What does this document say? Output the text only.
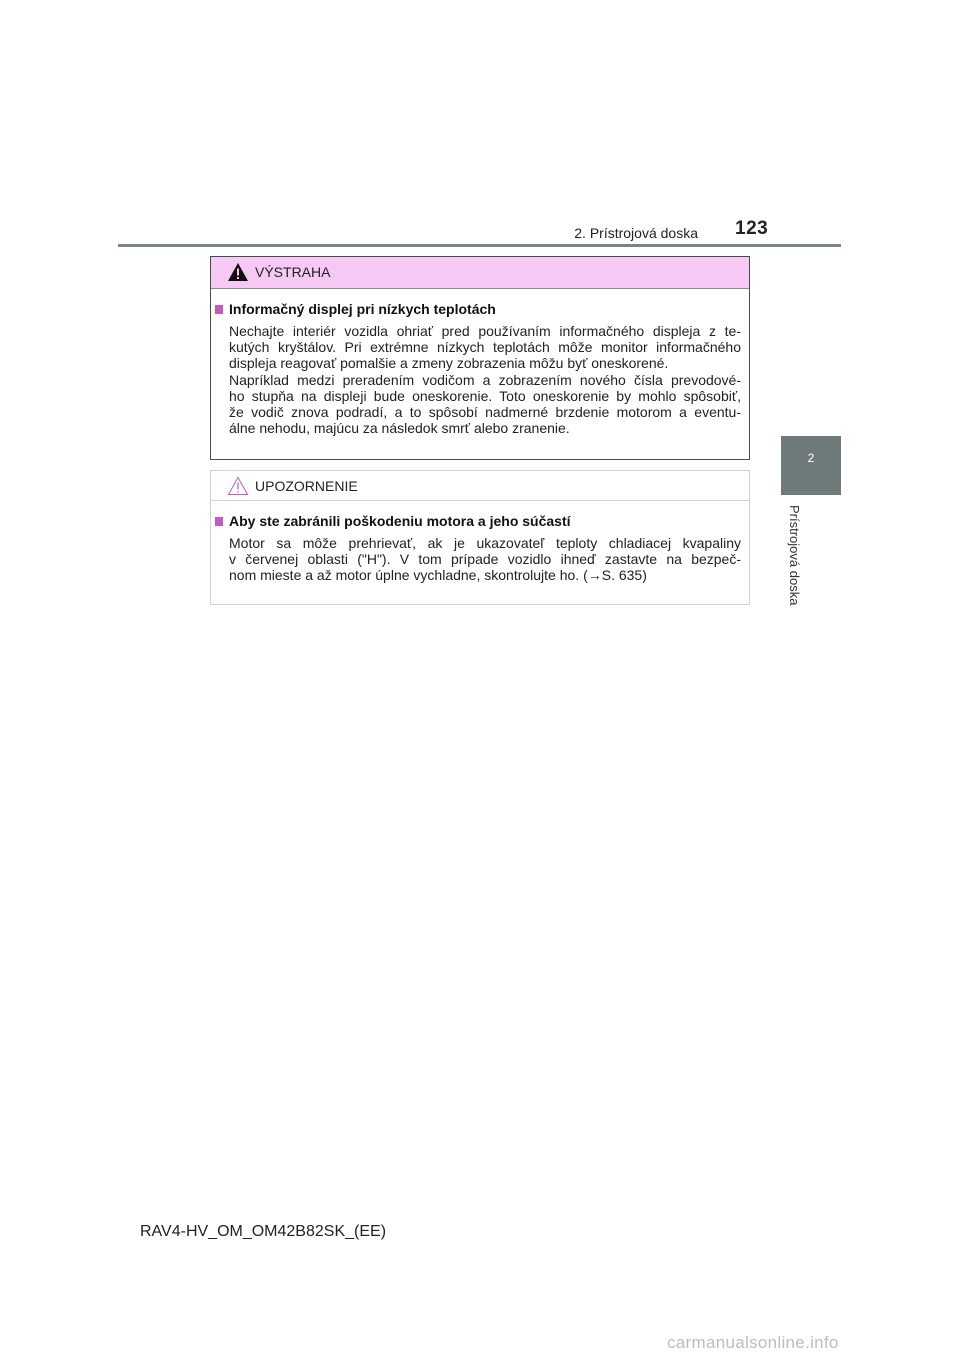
2. Prístrojová doska 123
2
Prístrojová doska
VÝSTRAHA
Informačný displej pri nízkych teplotách
Nechajte interiér vozidla ohriať pred používaním informačného displeja z te-
kutých kryštálov. Pri extrémne nízkych teplotách môže monitor informačného
displeja reagovať pomalšie a zmeny zobrazenia môžu byť oneskorené.
Napríklad medzi preradením vodičom a zobrazením nového čísla prevodové-
ho stupňa na displeji bude oneskorenie. Toto oneskorenie by mohlo spôsobiť,
že vodič znova podradí, a to spôsobí nadmerné brzdenie motorom a eventu-
álne nehodu, majúcu za následok smrť alebo zranenie.
UPOZORNENIE
Aby ste zabránili poškodeniu motora a jeho súčastí
Motor sa môže prehrievať, ak je ukazovateľ teploty chladiacej kvapaliny
v červenej oblasti ("H"). V tom prípade vozidlo ihneď zastavte na bezpeč-
nom mieste a až motor úplne vychladne, skontrolujte ho. (→S. 635)
RAV4-HV_OM_OM42B82SK_(EE)
carmanualsonline.info
